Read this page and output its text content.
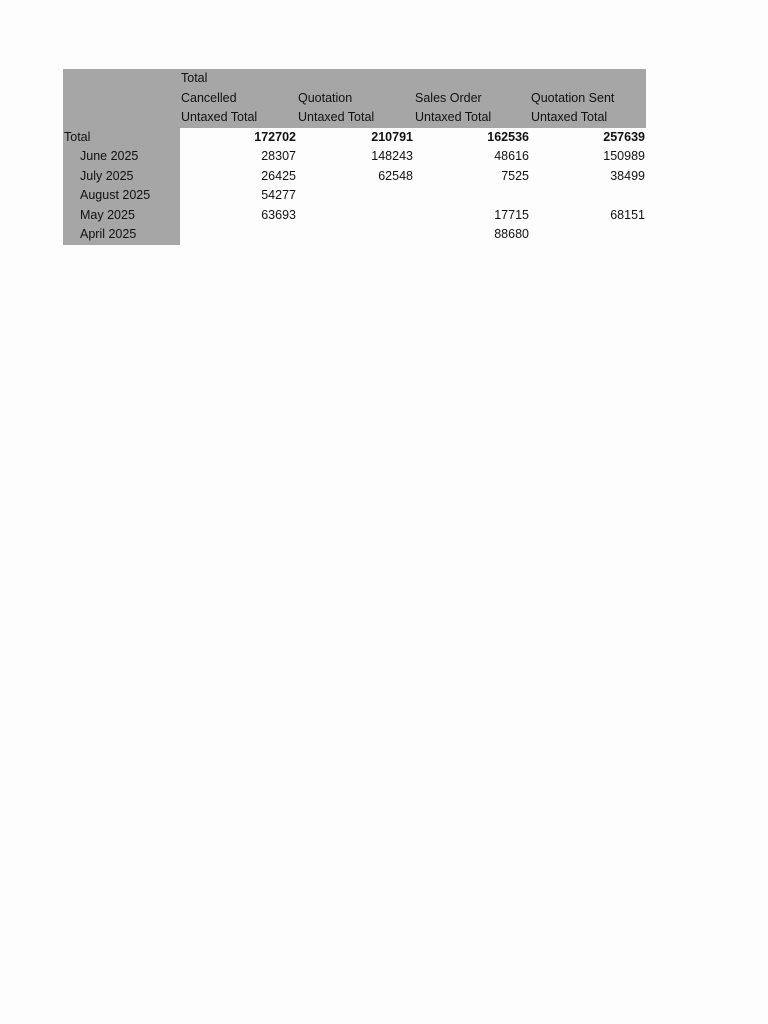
	Total			
	Cancelled	Quotation	Sales Order	Quotation Sent
	Untaxed Total	Untaxed Total	Untaxed Total	Untaxed Total
Total	172702	210791	162536	257639
June 2025	28307	148243	48616	150989
July 2025	26425	62548	7525	38499
August 2025	54277			
May 2025	63693		17715	68151
April 2025			88680	
